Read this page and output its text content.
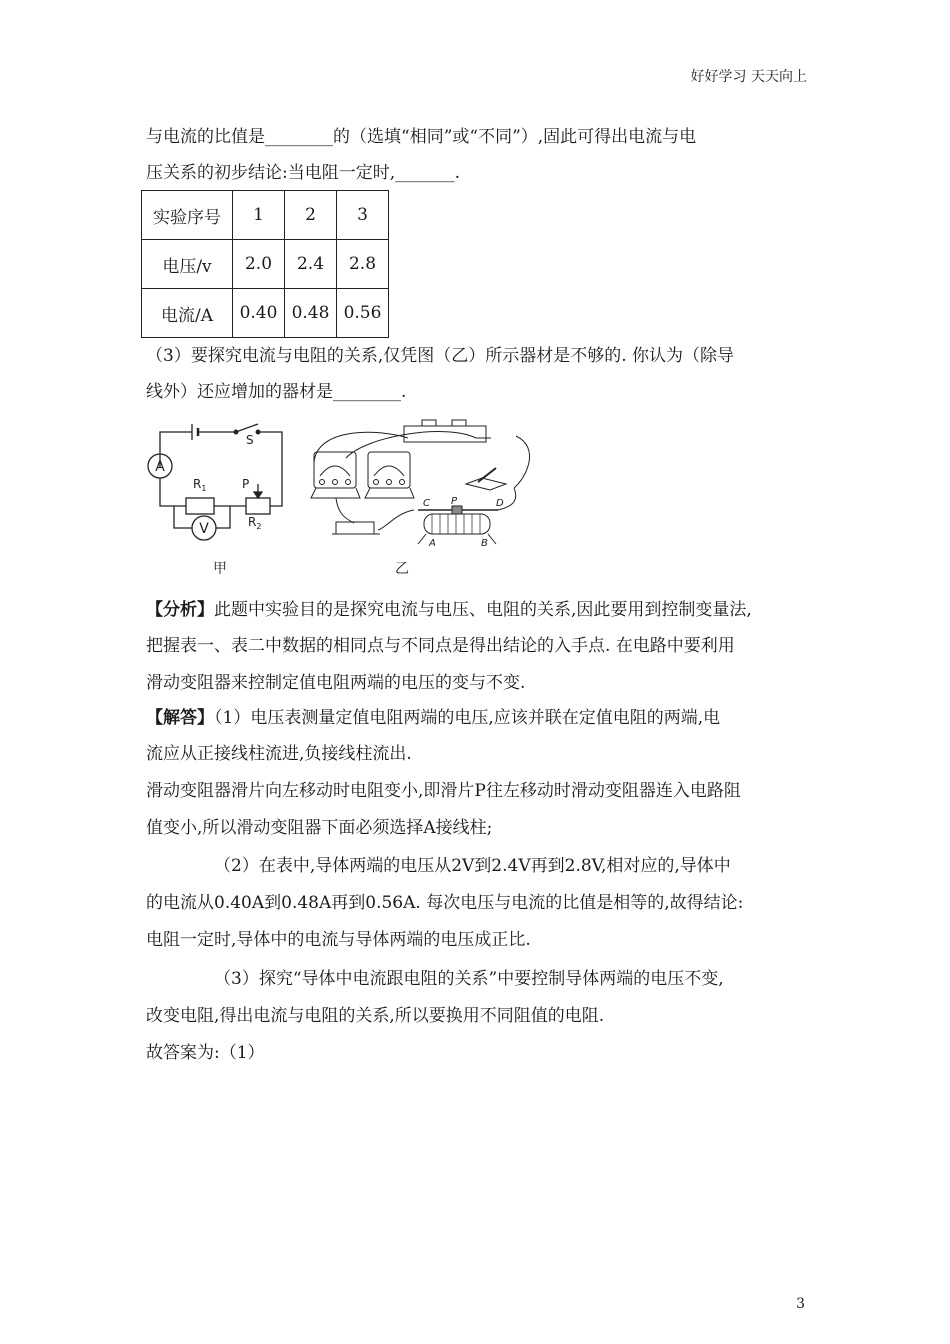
好好学习 天天向上
与电流的比值是________的（选填“相同”或“不同”）,固此可得出电流与电
压关系的初步结论:当电阻一定时,_______.
实验序号	1	2	3
电压/v	2.0	2.4	2.8
电流/A	0.40	0.48	0.56
（3）要探究电流与电阻的关系,仅凭图（乙）所示器材是不够的. 你认为（除导
线外）还应增加的器材是________.
A
V
S
$R_1$	P
$R_2$
甲
C P	D
A	B
乙
【分析】此题中实验目的是探究电流与电压、电阻的关系,因此要用到控制变量法,
把握表一、表二中数据的相同点与不同点是得出结论的入手点. 在电路中要利用
滑动变阻器来控制定值电阻两端的电压的变与不变.
【解答】（1）电压表测量定值电阻两端的电压,应该并联在定值电阻的两端,电
流应从正接线柱流进,负接线柱流出.
滑动变阻器滑片向左移动时电阻变小,即滑片P往左移动时滑动变阻器连入电路阻
值变小,所以滑动变阻器下面必须选择A接线柱;
（2）在表中,导体两端的电压从2V到2.4V再到2.8V,相对应的,导体中
的电流从0.40A到0.48A再到0.56A. 每次电压与电流的比值是相等的,故得结论:
电阻一定时,导体中的电流与导体两端的电压成正比.
（3）探究“导体中电流跟电阻的关系”中要控制导体两端的电压不变,
改变电阻,得出电流与电阻的关系,所以要换用不同阻值的电阻.
故答案为:（1）
3
